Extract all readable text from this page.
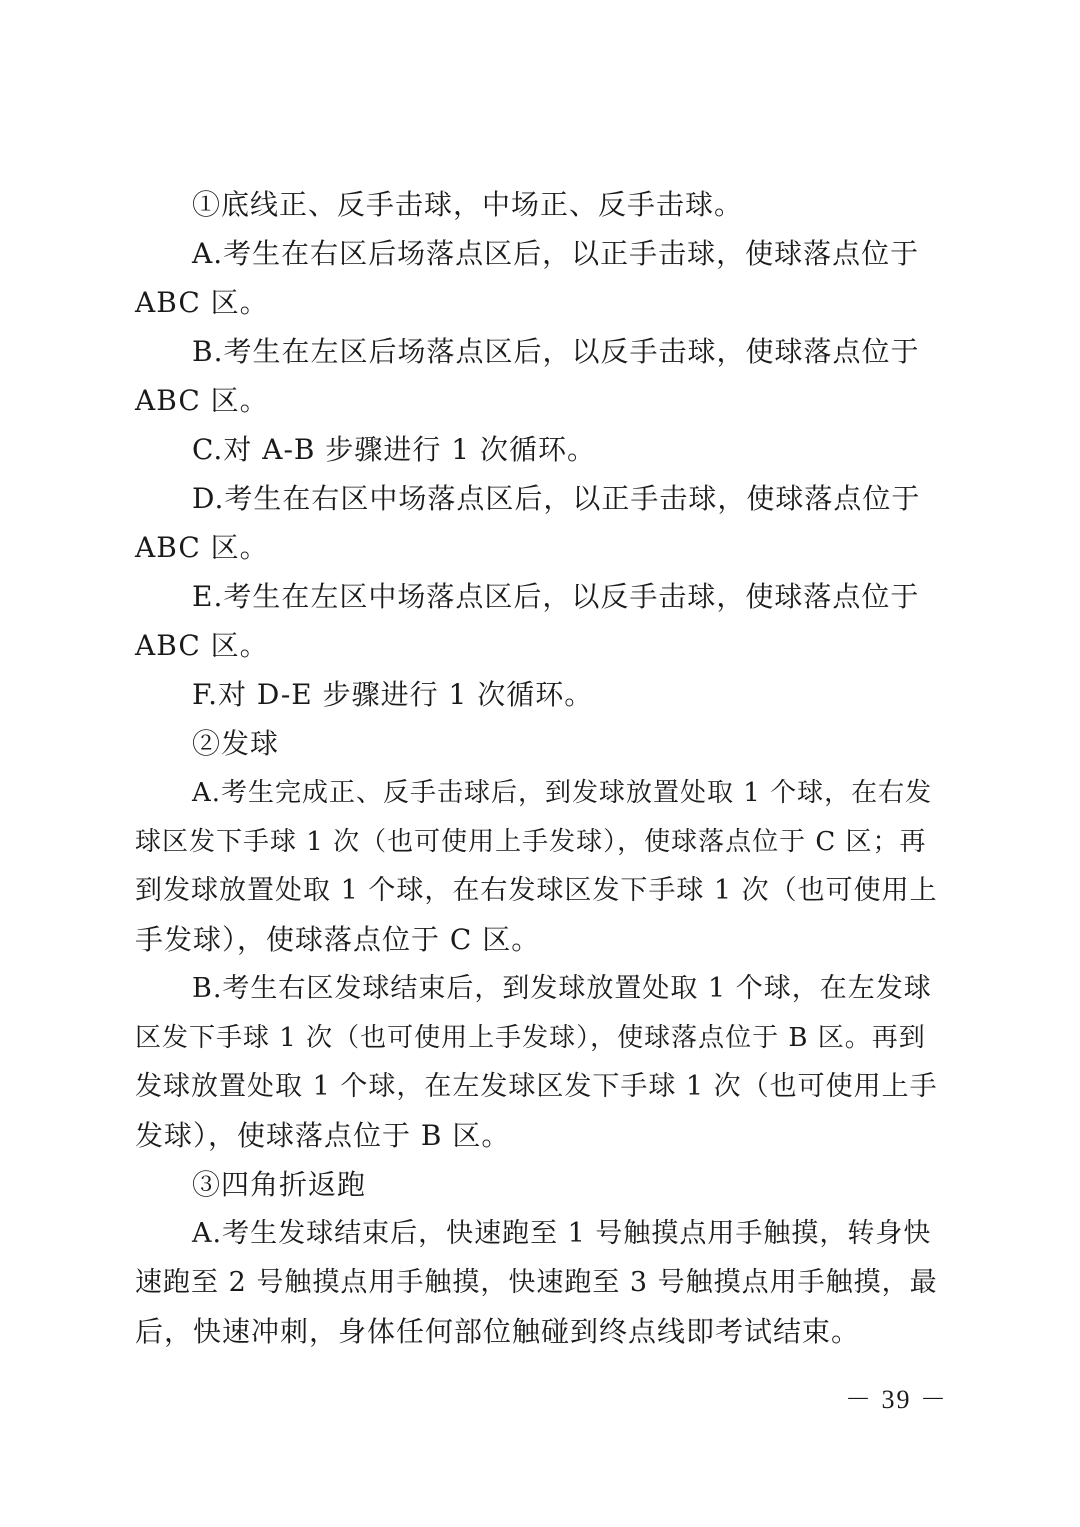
①底线正、反手击球，中场正、反手击球。
A.考生在右区后场落点区后，以正手击球，使球落点位于
ABC 区。
B.考生在左区后场落点区后，以反手击球，使球落点位于
ABC 区。
C.对 A-B 步骤进行 1 次循环。
D.考生在右区中场落点区后，以正手击球，使球落点位于
ABC 区。
E.考生在左区中场落点区后，以反手击球，使球落点位于
ABC 区。
F.对 D-E 步骤进行 1 次循环。
②发球
A.考生完成正、反手击球后，到发球放置处取 1 个球，在右发
球区发下手球 1 次（也可使用上手发球），使球落点位于 C 区；再
到发球放置处取 1 个球，在右发球区发下手球 1 次（也可使用上
手发球），使球落点位于 C 区。
B.考生右区发球结束后，到发球放置处取 1 个球，在左发球
区发下手球 1 次（也可使用上手发球），使球落点位于 B 区。再到
发球放置处取 1 个球，在左发球区发下手球 1 次（也可使用上手
发球），使球落点位于 B 区。
③四角折返跑
A.考生发球结束后，快速跑至 1 号触摸点用手触摸，转身快
速跑至 2 号触摸点用手触摸，快速跑至 3 号触摸点用手触摸，最
后，快速冲刺，身体任何部位触碰到终点线即考试结束。
－ 39 －
